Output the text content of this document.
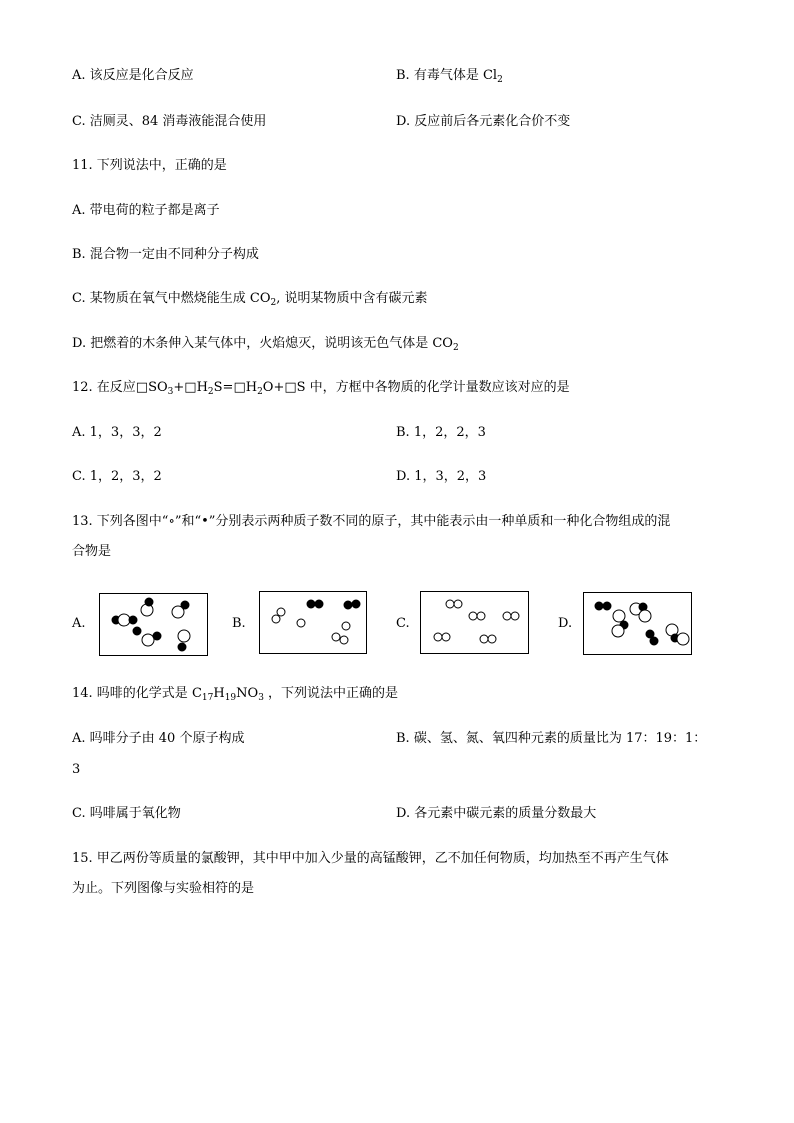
A. 该反应是化合反应	B. 有毒气体是 $Cl_2$
C. 洁厕灵、84 消毒液能混合使用	D. 反应前后各元素化合价不变
11. 下列说法中，正确的是
A. 带电荷的粒子都是离子
B. 混合物一定由不同种分子构成
C. 某物质在氧气中燃烧能生成 $CO_2$, 说明某物质中含有碳元素
D. 把燃着的木条伸入某气体中，火焰熄灭，说明该无色气体是 $CO_2$
12. 在反应$□SO_3+□H_2S=□H_2O+□S$ 中，方框中各物质的化学计量数应该对应的是
A. 1，3，3，2	B. 1，2，2，3
C. 1，2，3，2	D. 1，3，2，3
13. 下列各图中“∘”和“•”分别表示两种质子数不同的原子，其中能表示由一种单质和一种化合物组成的混
合物是
A.	B.	C.	D.
14. 吗啡的化学式是 $C_{17}H_{19}NO_3$ ，下列说法中正确的是
A. 吗啡分子由 40 个原子构成	B. 碳、氢、氮、氧四种元素的质量比为 17：19：1：
3
C. 吗啡属于氧化物	D. 各元素中碳元素的质量分数最大
15. 甲乙两份等质量的氯酸钾，其中甲中加入少量的高锰酸钾，乙不加任何物质，均加热至不再产生气体
为止。下列图像与实验相符的是
